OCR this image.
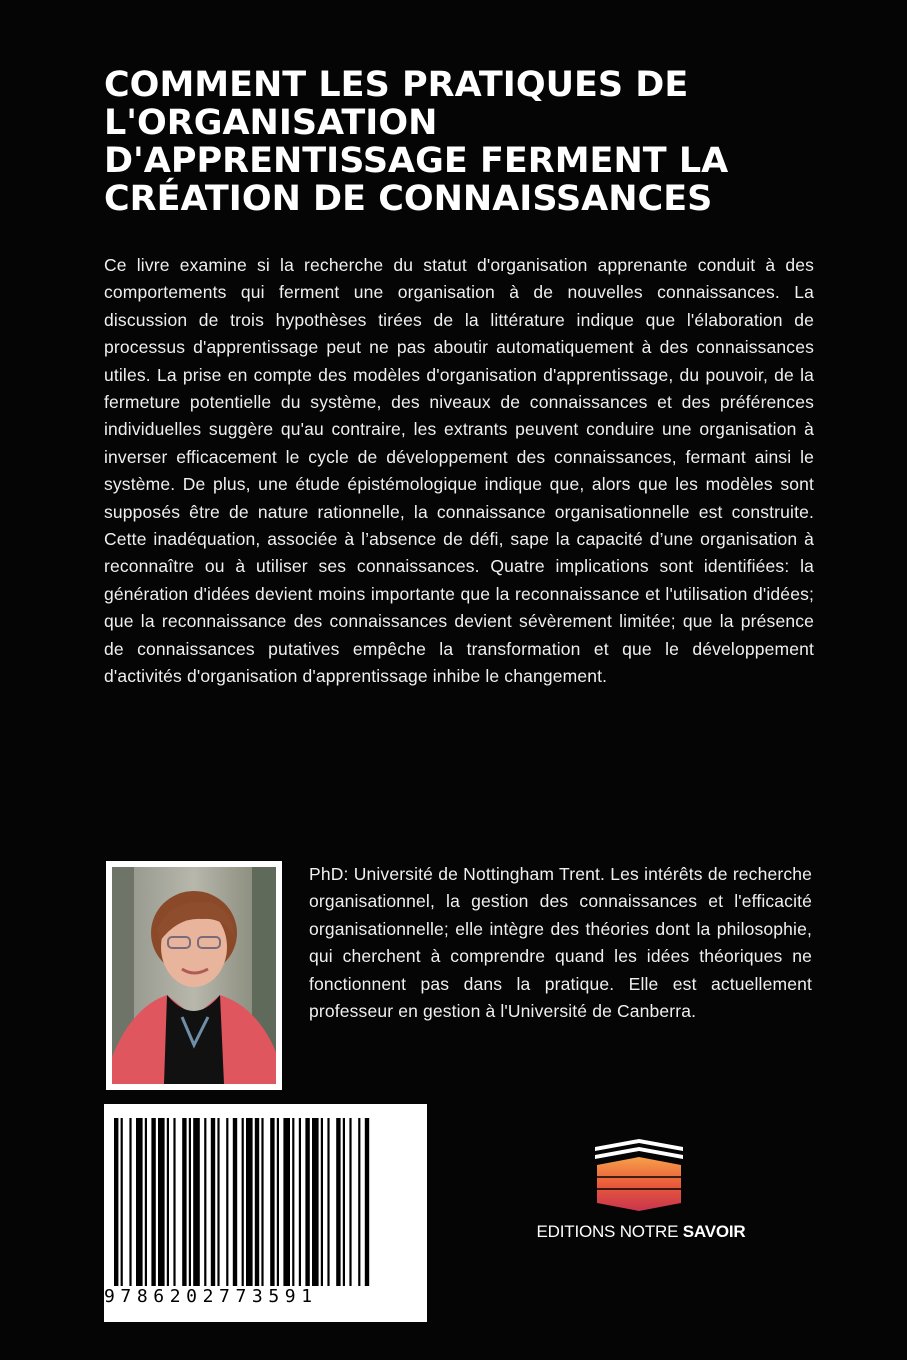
COMMENT LES PRATIQUES DE
L'ORGANISATION
D'APPRENTISSAGE FERMENT LA
CRÉATION DE CONNAISSANCES

Ce livre examine si la recherche du statut d'organisation apprenante conduit à des comportements qui ferment une organisation à de nouvelles connaissances. La discussion de trois hypothèses tirées de la littérature indique que l'élaboration de processus d'apprentissage peut ne pas aboutir automatiquement à des connaissances utiles. La prise en compte des modèles d'organisation d'apprentissage, du pouvoir, de la fermeture potentielle du système, des niveaux de connaissances et des préférences individuelles suggère qu'au contraire, les extrants peuvent conduire une organisation à inverser efficacement le cycle de développement des connaissances, fermant ainsi le système. De plus, une étude épistémologique indique que, alors que les modèles sont supposés être de nature rationnelle, la connaissance organisationnelle est construite. Cette inadéquation, associée à l’absence de défi, sape la capacité d’une organisation à reconnaître ou à utiliser ses connaissances. Quatre implications sont identifiées: la génération d'idées devient moins importante que la reconnaissance et l'utilisation d'idées; que la reconnaissance des connaissances devient sévèrement limitée; que la présence de connaissances putatives empêche la transformation et que le développement d'activités d'organisation d'apprentissage inhibe le changement.

PhD: Université de Nottingham Trent. Les intérêts de recherche organisationnel, la gestion des connaissances et l'efficacité organisationnelle; elle intègre des théories dont la philosophie, qui cherchent à comprendre quand les idées théoriques ne fonctionnent pas dans la pratique. Elle est actuellement professeur en gestion à l'Université de Canberra.

9786202773591
EDITIONS NOTRE SAVOIR
